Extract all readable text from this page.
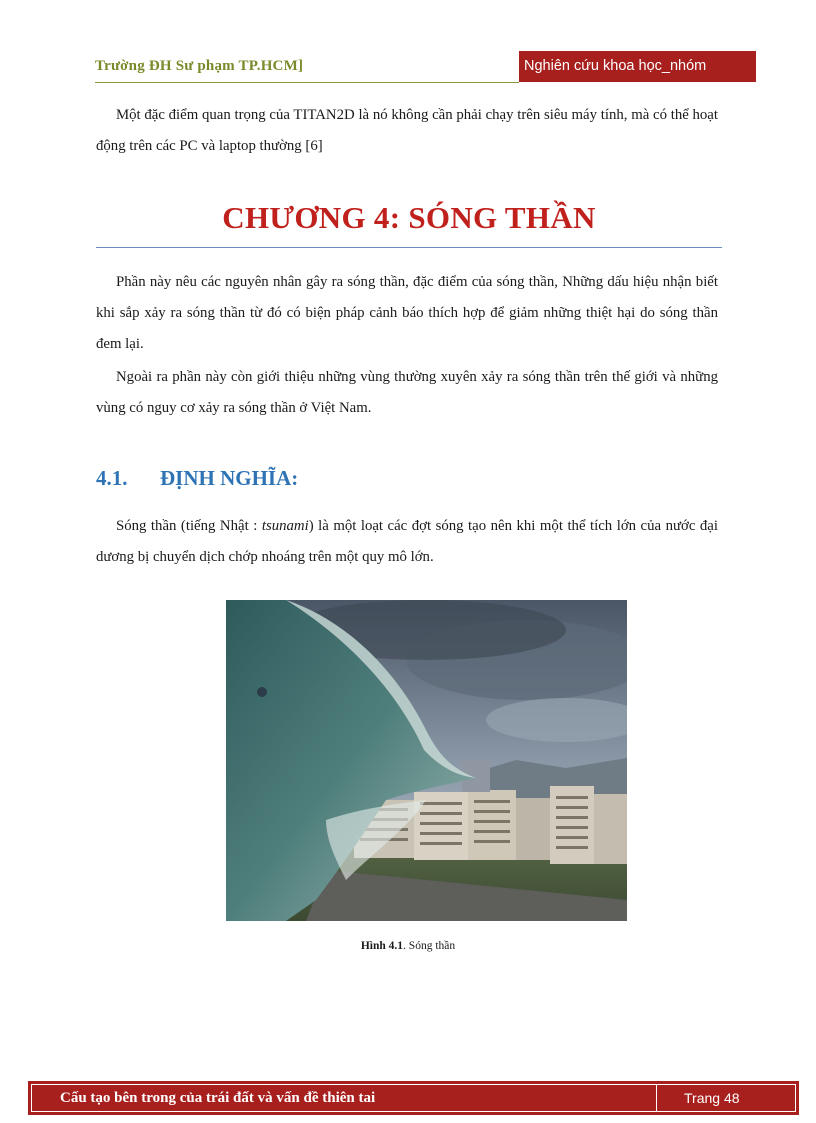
Trường ĐH Sư phạm TP.HCM]	Nghiên cứu khoa học_nhóm
Một đặc điểm quan trọng của TITAN2D là nó không cần phải chạy trên siêu máy tính, mà có thể hoạt động trên các PC và laptop thường [6]
CHƯƠNG 4: SÓNG THẦN
Phần này nêu các nguyên nhân gây ra sóng thần, đặc điểm của sóng thần, Những dấu hiệu nhận biết khi sắp xảy ra sóng thần từ đó có biện pháp cảnh báo thích hợp để giảm những thiệt hại do sóng thần đem lại.
Ngoài ra phần này còn giới thiệu những vùng thường xuyên xảy ra sóng thần trên thế giới và những vùng có nguy cơ xảy ra sóng thần ở Việt Nam.
4.1. ĐỊNH NGHĨA:
Sóng thần (tiếng Nhật : tsunami) là một loạt các đợt sóng tạo nên khi một thể tích lớn của nước đại dương bị chuyển dịch chớp nhoáng trên một quy mô lớn.
Hình 4.1. Sóng thần
Cấu tạo bên trong của trái đất và vấn đề thiên tai	Trang 48
